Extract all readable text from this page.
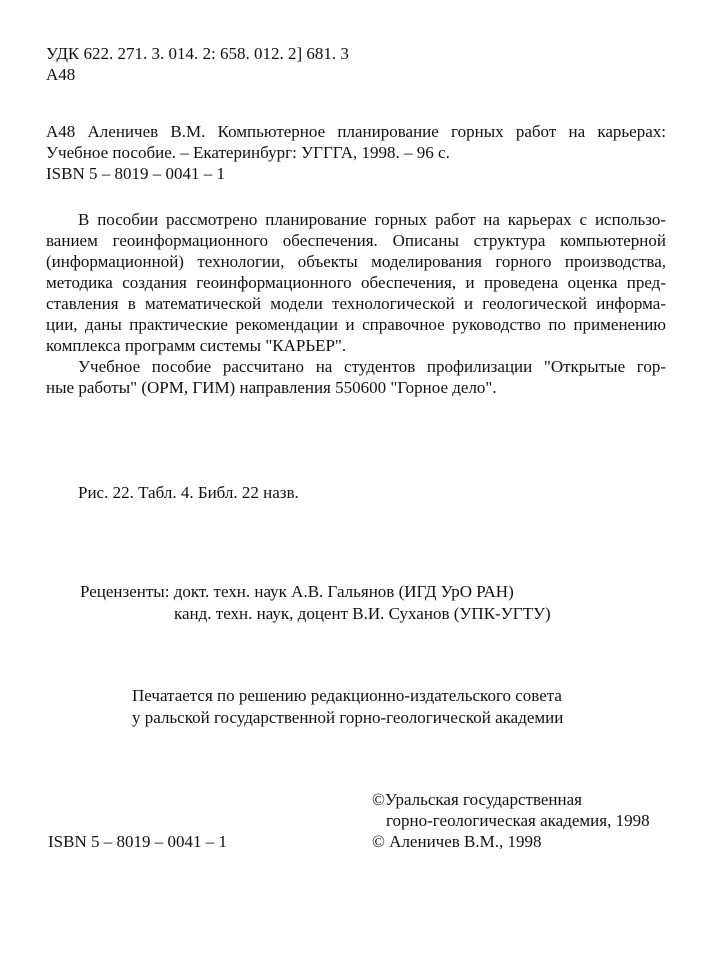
УДК 622. 271. 3. 014. 2: 658. 012. 2] 681. 3
А48
А48 Аленичев В.М. Компьютерное планирование горных работ на карьерах:
Учебное пособие. – Екатеринбург: УГГГА, 1998. – 96 с.
ISBN 5 – 8019 – 0041 – 1
В пособии рассмотрено планирование горных работ на карьерах с использо-
ванием геоинформационного обеспечения. Описаны структура компьютерной
(информационной) технологии, объекты моделирования горного производства,
методика создания геоинформационного обеспечения, и проведена оценка пред-
ставления в математической модели технологической и геологической информа-
ции, даны практические рекомендации и справочное руководство по применению
комплекса программ системы "КАРЬЕР".
Учебное пособие рассчитано на студентов профилизации "Открытые гор-
ные работы" (ОРМ, ГИМ) направления 550600 "Горное дело".
Рис. 22. Табл. 4. Библ. 22 назв.
Рецензенты: докт. техн. наук А.В. Гальянов (ИГД УрО РАН)
канд. техн. наук, доцент В.И. Суханов (УПК-УГТУ)
Печатается по решению редакционно-издательского совета
у ральской государственной горно-геологической академии
©Уральская государственная
горно-геологическая академия, 1998
ISBN 5 – 8019 – 0041 – 1	© Аленичев В.М., 1998
